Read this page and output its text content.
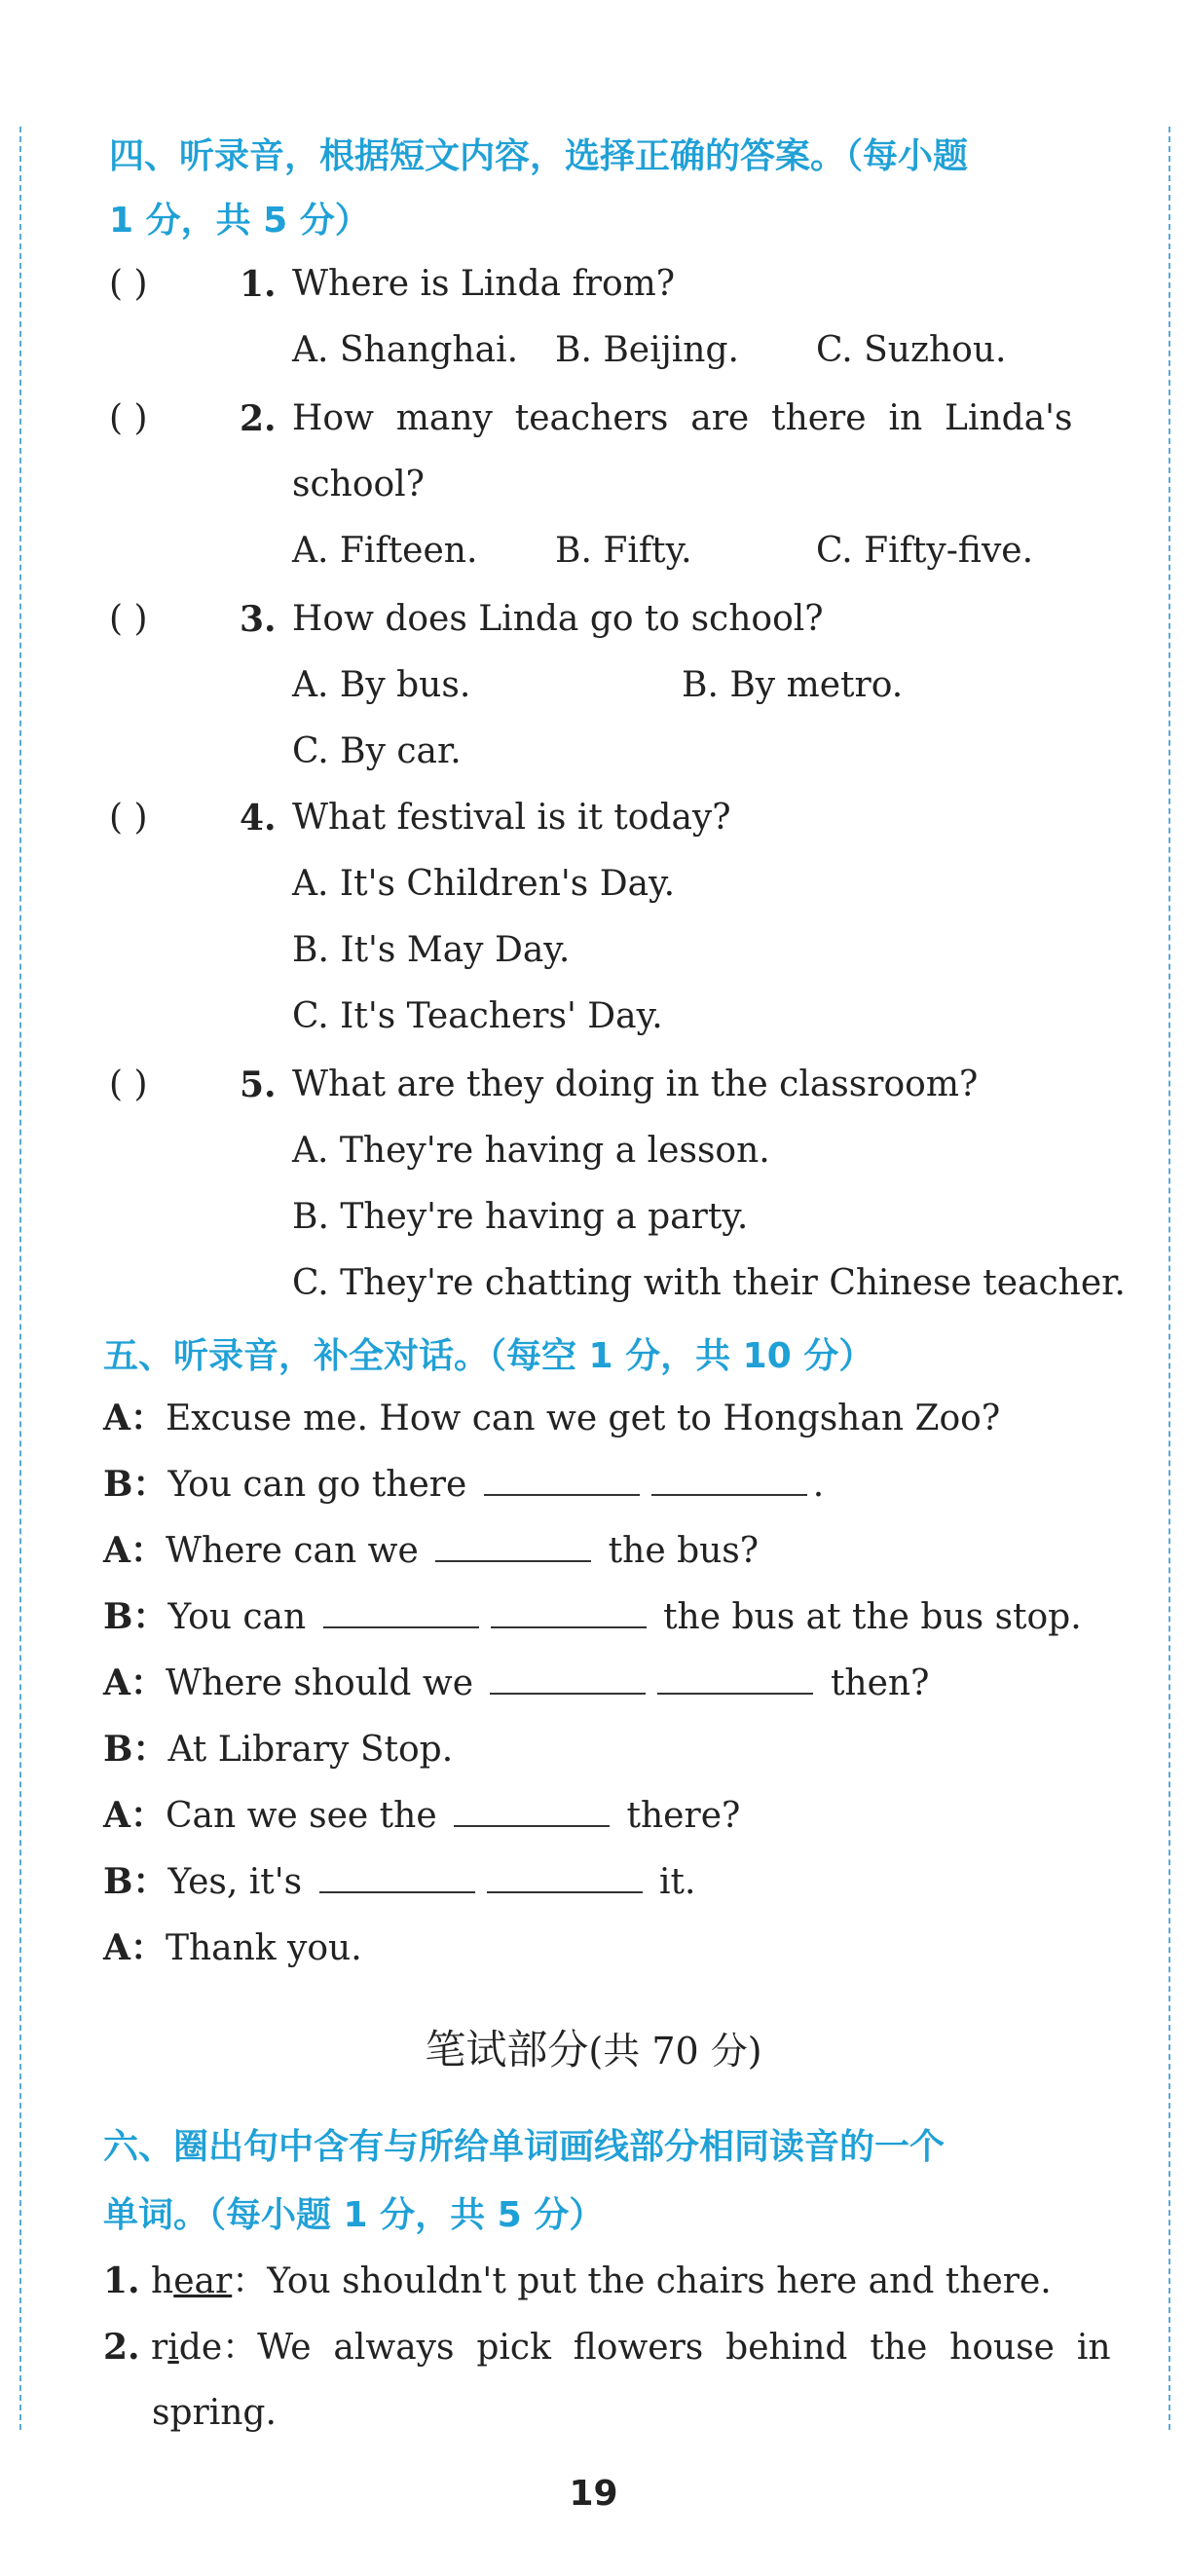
四、听录音，根据短文内容，选择正确的答案。（每小题
1 分，共 5 分）
( )	1. Where is Linda from?
A. Shanghai. B. Beijing. C. Suzhou.
( )	2. How  many  teachers  are  there  in  Linda's
school?
A. Fifteen. B. Fifty.	C. Fifty-five.
( )	3. How does Linda go to school?
A. By bus.	B. By metro.
C. By car.
( )	4. What festival is it today?
A. It's Children's Day.
B. It's May Day.
C. It's Teachers' Day.
( )	5. What are they doing in the classroom?
A. They're having a lesson.
B. They're having a party.
C. They're chatting with their Chinese teacher.
五、听录音，补全对话。（每空 1 分，共 10 分）
A：Excuse me. How can we get to Hongshan Zoo?
B：You can go there	.
A：Where can we	the bus?
B：You can	the bus at the bus stop.
A：Where should we	then?
B：At Library Stop.
A：Can we see the	there?
B：Yes, it's	it.
A：Thank you.
笔试部分(共 70 分)
六、圈出句中含有与所给单词画线部分相同读音的一个
单词。（每小题 1 分，共 5 分）
1. hear：You shouldn't put the chairs here and there.
2. ride：We  always  pick  flowers  behind  the  house  in
spring.
19
